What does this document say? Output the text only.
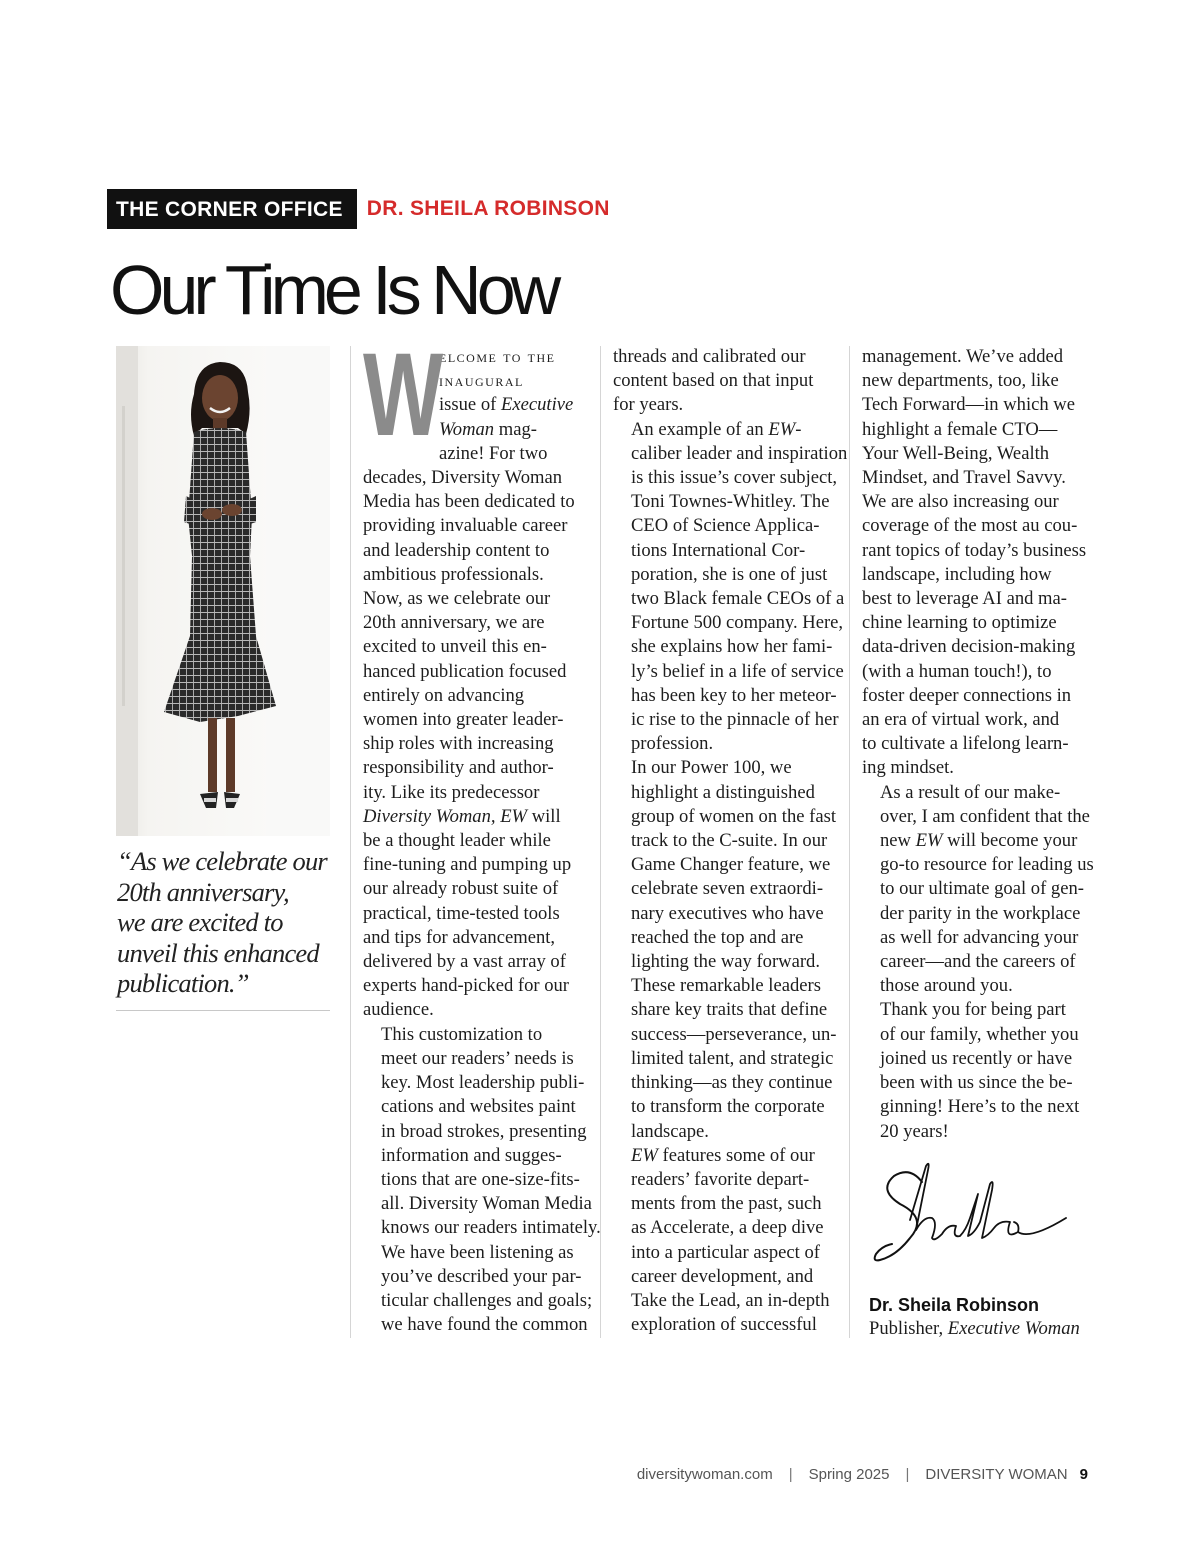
THE CORNER OFFICE	DR. SHEILA ROBINSON
Our Time Is Now
“As we celebrate our
20th anniversary,
we are excited to
unveil this enhanced
publication.”
W

elcome to the
inaugural
issue of Executive
Woman mag-
azine! For two
decades, Diversity Woman
Media has been dedicated to
providing invaluable career
and leadership content to
ambitious professionals.
Now, as we celebrate our
20th anniversary, we are
excited to unveil this en-
hanced publication focused
entirely on advancing
women into greater leader-
ship roles with increasing
responsibility and author-
ity. Like its predecessor
Diversity Woman, EW will
be a thought leader while
fine-tuning and pumping up
our already robust suite of
practical, time-tested tools
and tips for advancement,
delivered by a vast array of
experts hand-picked for our
audience.

This customization to
meet our readers’ needs is
key. Most leadership publi-
cations and websites paint
in broad strokes, presenting
information and sugges-
tions that are one-size-fits-
all. Diversity Woman Media
knows our readers intimately.
We have been listening as
you’ve described your par-
ticular challenges and goals;
we have found the common

threads and calibrated our
content based on that input
for years.

An example of an EW-
caliber leader and inspiration
is this issue’s cover subject,
Toni Townes-Whitley. The
CEO of Science Applica-
tions International Cor-
poration, she is one of just
two Black female CEOs of a
Fortune 500 company. Here,
she explains how her fami-
ly’s belief in a life of service
has been key to her meteor-
ic rise to the pinnacle of her
profession.

In our Power 100, we
highlight a distinguished
group of women on the fast
track to the C-suite. In our
Game Changer feature, we
celebrate seven extraordi-
nary executives who have
reached the top and are
lighting the way forward.
These remarkable leaders
share key traits that define
success—perseverance, un-
limited talent, and strategic
thinking—as they continue
to transform the corporate
landscape.

EW features some of our
readers’ favorite depart-
ments from the past, such
as Accelerate, a deep dive
into a particular aspect of
career development, and
Take the Lead, an in-depth
exploration of successful

management. We’ve added
new departments, too, like
Tech Forward—in which we
highlight a female CTO—
Your Well-Being, Wealth
Mindset, and Travel Savvy.
We are also increasing our
coverage of the most au cou-
rant topics of today’s business
landscape, including how
best to leverage AI and ma-
chine learning to optimize
data-driven decision-making
(with a human touch!), to
foster deeper connections in
an era of virtual work, and
to cultivate a lifelong learn-
ing mindset.

As a result of our make-
over, I am confident that the
new EW will become your
go-to resource for leading us
to our ultimate goal of gen-
der parity in the workplace
as well for advancing your
career—and the careers of
those around you.

Thank you for being part
of our family, whether you
joined us recently or have
been with us since the be-
ginning! Here’s to the next
20 years!

Dr. Sheila Robinson
Publisher, Executive Woman
diversitywoman.com | Spring 2025 | DIVERSITY WOMAN 9
